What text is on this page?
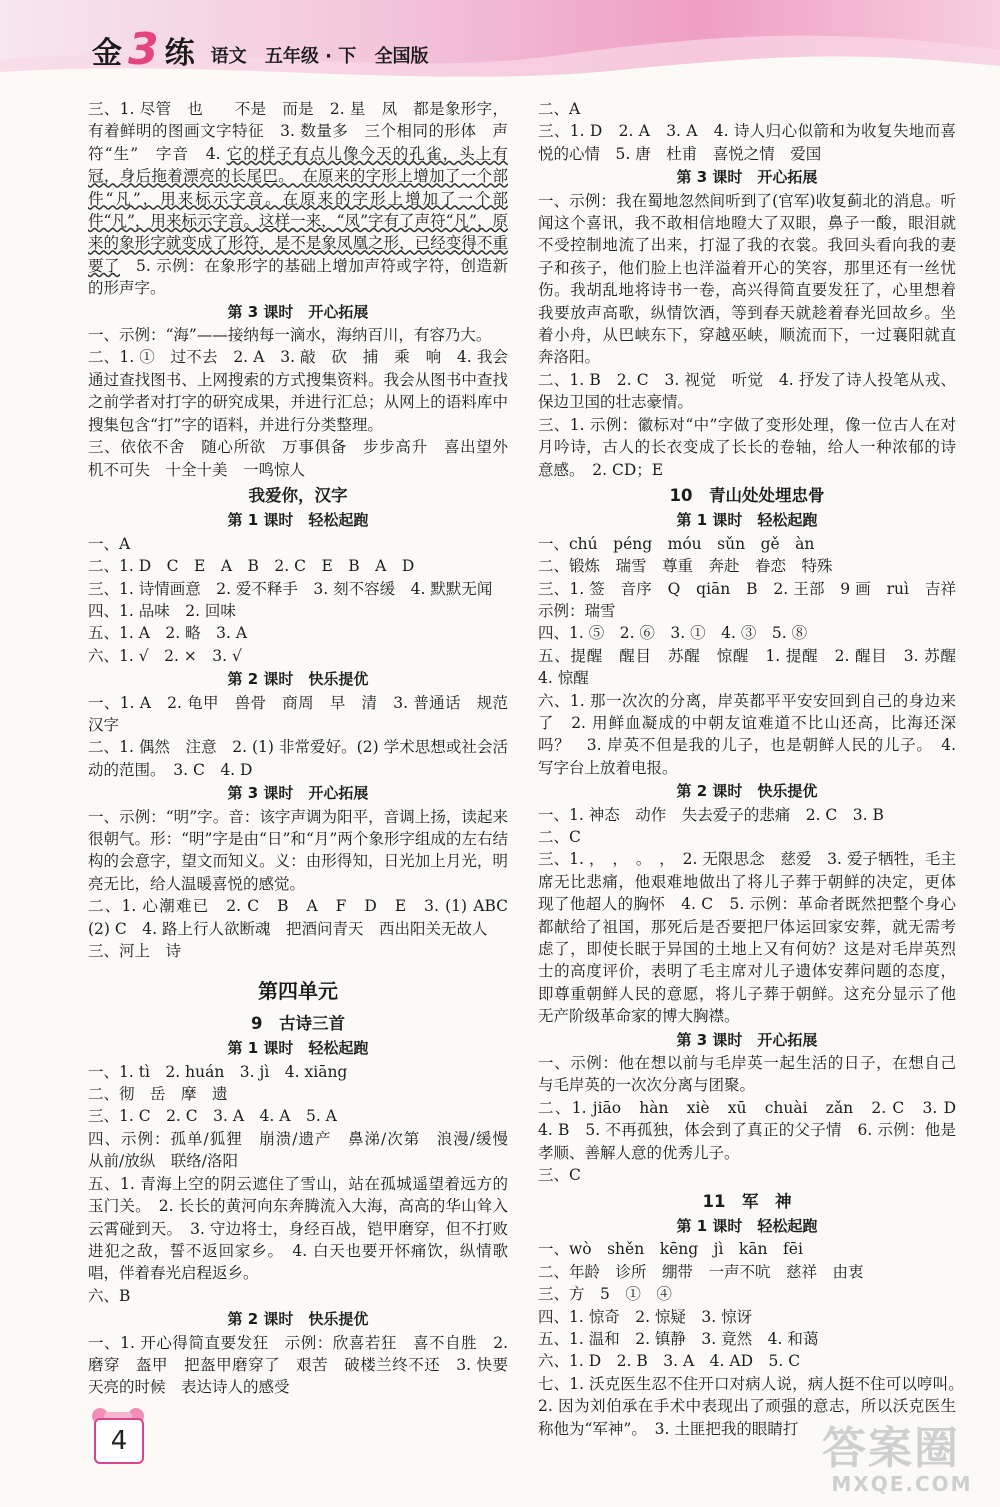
金 3 练 语文 五年级 · 下 全国版

三、1. 尽管　也　　不是　而是　2. 星　凤　都是象形字，有着鲜明的图画文字特征　3. 数量多　三个相同的形体　声符“生”　字音　4. 它的样子有点儿像今天的孔雀，头上有冠，身后拖着漂亮的长尾巴。　在原来的字形上增加了一个部件“凡”，用来标示字音。在原来的字形上增加了一个部件“凡”，用来标示字音。这样一来，“凤”字有了声符“凡”，原来的象形字就变成了形符，是不是象凤凰之形，已经变得不重要了　5. 示例：在象形字的基础上增加声符或字符，创造新的形声字。

第 3 课时　开心拓展

一、示例：“海”——接纳每一滴水，海纳百川，有容乃大。

二、1. ①　过不去　2. A　3. 敲　砍　捕　乘　响　4. 我会通过查找图书、上网搜索的方式搜集资料。我会从图书中查找之前学者对打字的研究成果，并进行汇总；从网上的语料库中搜集包含“打”字的语料，并进行分类整理。

三、依依不舍　随心所欲　万事俱备　步步高升　喜出望外　机不可失　十全十美　一鸣惊人

我爱你，汉字
第 1 课时　轻松起跑

一、A

二、1. D　C　E　A　B　2. C　E　B　A　D

三、1. 诗情画意　2. 爱不释手　3. 刻不容缓　4. 默默无闻

四、1. 品味　2. 回味

五、1. A　2. 略　3. A

六、1. √　2. ×　3. √

第 2 课时　快乐提优

一、1. A　2. 龟甲　兽骨　商周　早　清　3. 普通话　规范汉字

二、1. 偶然　注意　2. (1) 非常爱好。(2) 学术思想或社会活动的范围。　3. C　4. D

第 3 课时　开心拓展

一、示例：“明”字。音：该字声调为阳平，音调上扬，读起来很朝气。形：“明”字是由“日”和“月”两个象形字组成的左右结构的会意字，望文而知义。义：由形得知，日光加上月光，明亮无比，给人温暖喜悦的感觉。

二、1. 心潮难已　2. C　B　A　F　D　E　3. (1) ABC　(2) C　4. 路上行人欲断魂　把酒问青天　西出阳关无故人

三、河上　诗

第四单元
9　古诗三首
第 1 课时　轻松起跑

一、1. tì　2. huán　3. jì　4. xiāng

二、彻　岳　摩　遗

三、1. C　2. C　3. A　4. A　5. A

四、示例：孤单/狐狸　崩溃/遗产　鼻涕/次第　浪漫/缓慢　从前/放纵　联络/洛阳

五、1. 青海上空的阴云遮住了雪山，站在孤城遥望着远方的玉门关。　2. 长长的黄河向东奔腾流入大海，高高的华山耸入云霄碰到天。　3. 守边将士，身经百战，铠甲磨穿，但不打败进犯之敌，誓不返回家乡。　4. 白天也要开怀痛饮，纵情歌唱，伴着春光启程返乡。

六、B

第 2 课时　快乐提优

一、1. 开心得简直要发狂　示例：欣喜若狂　喜不自胜　2. 磨穿　盔甲　把盔甲磨穿了　艰苦　破楼兰终不还　3. 快要天亮的时候　表达诗人的感受

二、A

三、1. D　2. A　3. A　4. 诗人归心似箭和为收复失地而喜悦的心情　5. 唐　杜甫　喜悦之情　爱国

第 3 课时　开心拓展

一、示例：我在蜀地忽然间听到了(官军)收复蓟北的消息。听闻这个喜讯，我不敢相信地瞪大了双眼，鼻子一酸，眼泪就不受控制地流了出来，打湿了我的衣裳。我回头看向我的妻子和孩子，他们脸上也洋溢着开心的笑容，那里还有一丝忧伤。我胡乱地将诗书一卷，高兴得简直要发狂了，心里想着我要放声高歌，纵情饮酒，等到春天就趁着春光回故乡。坐着小舟，从巴峡东下，穿越巫峡，顺流而下，一过襄阳就直奔洛阳。

二、1. B　2. C　3. 视觉　听觉　4. 抒发了诗人投笔从戎、保边卫国的壮志豪情。

三、1. 示例：徽标对“中”字做了变形处理，像一位古人在对月吟诗，古人的长衣变成了长长的卷轴，给人一种浓郁的诗意感。　2. CD；E

10　青山处处埋忠骨
第 1 课时　轻松起跑

一、chú　péng　móu　sǔn　gě　àn

二、锻炼　瑞雪　尊重　奔赴　眷恋　特殊

三、1. 签　音序　Q　qiān　B　2. 王部　9 画　ruì　吉祥　示例：瑞雪

四、1. ⑤　2. ⑥　3. ①　4. ③　5. ⑧

五、提醒　醒目　苏醒　惊醒　1. 提醒　2. 醒目　3. 苏醒　4. 惊醒

六、1. 那一次次的分离，岸英都平平安安回到自己的身边来了　2. 用鲜血凝成的中朝友谊难道不比山还高，比海还深吗？　3. 岸英不但是我的儿子，也是朝鲜人民的儿子。　4. 写字台上放着电报。

第 2 课时　快乐提优

一、1. 神态　动作　失去爱子的悲痛　2. C　3. B

二、C

三、1. ，　，　。　，　2. 无限思念　慈爱　3. 爱子牺牲，毛主席无比悲痛，他艰难地做出了将儿子葬于朝鲜的决定，更体现了他超人的胸怀　4. C　5. 示例：革命者既然把整个身心都献给了祖国，那死后是否要把尸体运回家安葬，就无需考虑了，即使长眠于异国的土地上又有何妨？这是对毛岸英烈士的高度评价，表明了毛主席对儿子遗体安葬问题的态度，即尊重朝鲜人民的意愿，将儿子葬于朝鲜。这充分显示了他无产阶级革命家的博大胸襟。

第 3 课时　开心拓展

一、示例：他在想以前与毛岸英一起生活的日子，在想自己与毛岸英的一次次分离与团聚。

二、1. jiāo　hàn　xiè　xū　chuài　zǎn　2. C　3. D　4. B　5. 不再孤独，体会到了真正的父子情　6. 示例：他是孝顺、善解人意的优秀儿子。

三、C

11　军　神
第 1 课时　轻松起跑

一、wò　shěn　kēng　jì　kān　fēi

二、年龄　诊所　绷带　一声不吭　慈祥　由衷

三、方　5　①　④

四、1. 惊奇　2. 惊疑　3. 惊讶

五、1. 温和　2. 镇静　3. 竟然　4. 和蔼

六、1. D　2. B　3. A　4. AD　5. C

七、1. 沃克医生忍不住开口对病人说，病人挺不住可以哼叫。　2. 因为刘伯承在手术中表现出了顽强的意志，所以沃克医生称他为“军神”。　3. 土匪把我的眼睛打

4	答案圈
MXQE.COM
